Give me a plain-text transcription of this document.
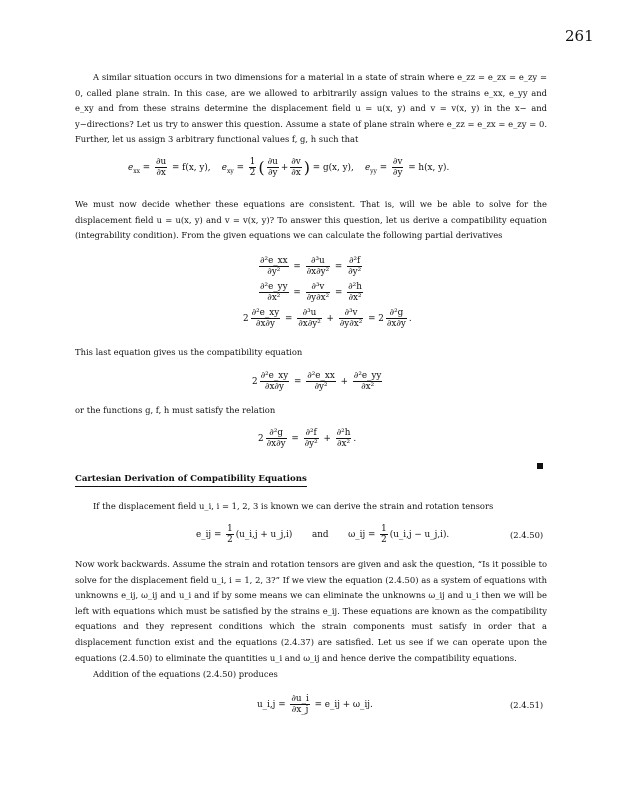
261
A similar situation occurs in two dimensions for a material in a state of strain where e_zz = e_zx = e_zy = 0, called plane strain. In this case, are we allowed to arbitrarily assign values to the strains e_xx, e_yy and e_xy and from these strains determine the displacement field u = u(x, y) and v = v(x, y) in the x− and y−directions? Let us try to answer this question. Assume a state of plane strain where e_zz = e_zx = e_zy = 0. Further, let us assign 3 arbitrary functional values f, g, h such that
$e_{xx} = \frac{\partial u}{\partial x} = f(x$, y), $e_{xy} = \frac{1}{2}$ ( $\frac{\partial u}{\partial y} + \frac{\partial v}{\partial x}$ ) = g(x, y), $e_{yy} = \frac{\partial v}{\partial y} = h(x$, y).
We must now decide whether these equations are consistent. That is, will we be able to solve for the displacement field u = u(x, y) and v = v(x, y)? To answer this question, let us derive a compatibility equation (integrability condition). From the given equations we can calculate the following partial derivatives
$\frac{\text{∂²e\_xx}}{\text{∂y²}} = \frac{\text{∂³u}}{\text{∂x∂y²}} = \frac{\text{∂²f}}{\text{∂y²}}$
$\frac{\text{∂²e\_yy}}{\text{∂x²}} = \frac{\text{∂³v}}{\text{∂y∂x²}} = \frac{\text{∂²h}}{\text{∂x²}}$
$2 \frac{\text{∂²e\_xy}}{\partial x\partial y} = \frac{\text{∂³u}}{\text{∂x∂y²}} + \frac{\text{∂³v}}{\text{∂y∂x²}} = 2 \frac{\text{∂²g}}{\partial x\partial y}$ .
This last equation gives us the compatibility equation
$2 \frac{\text{∂²e\_xy}}{\partial x\partial y} = \frac{\text{∂²e\_xx}}{\text{∂y²}} + \frac{\text{∂²e\_yy}}{\text{∂x²}}$
or the functions g, f, h must satisfy the relation
$2 \frac{\text{∂²g}}{\partial x\partial y} = \frac{\text{∂²f}}{\text{∂y²}} + \frac{\text{∂²h}}{\text{∂x²}}$ .
Cartesian Derivation of Compatibility Equations
If the displacement field u_i, i = 1, 2, 3 is known we can derive the strain and rotation tensors
e_ij = $\frac{1}{2}$ (u_i,j + u_j,i) and ω_ij = $\frac{1}{2}$ (u_i,j − u_j,i).	(2.4.50)
Now work backwards. Assume the strain and rotation tensors are given and ask the question, “Is it possible to solve for the displacement field u_i, i = 1, 2, 3?” If we view the equation (2.4.50) as a system of equations with unknowns e_ij, ω_ij and u_i and if by some means we can eliminate the unknowns ω_ij and u_i then we will be left with equations which must be satisfied by the strains e_ij. These equations are known as the compatibility equations and they represent conditions which the strain components must satisfy in order that a displacement function exist and the equations (2.4.37) are satisfied. Let us see if we can operate upon the equations (2.4.50) to eliminate the quantities u_i and ω_ij and hence derive the compatibility equations.
Addition of the equations (2.4.50) produces
u_i,j = $\frac{\partial u\_i}{\partial x\_j}$ = e_ij + ω_ij.	(2.4.51)
